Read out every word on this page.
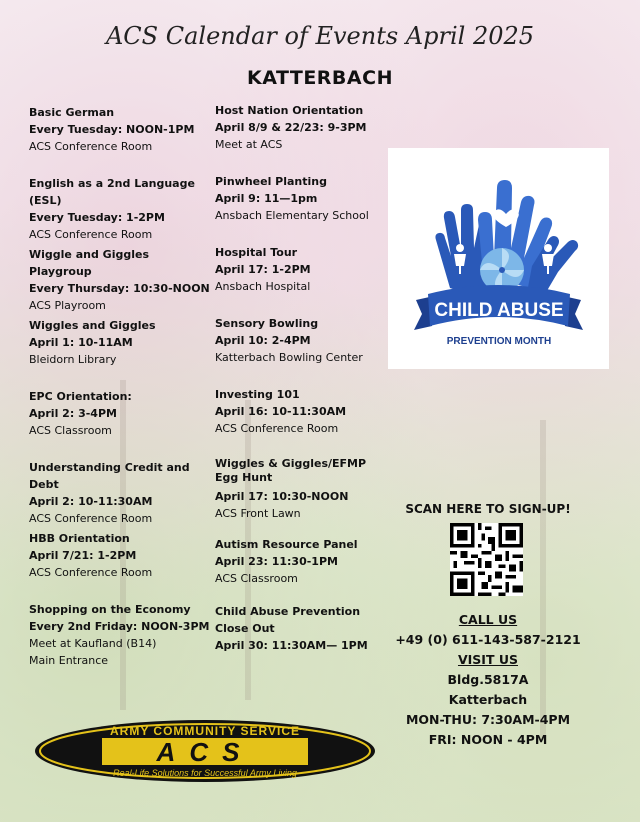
ACS Calendar of Events April 2025
KATTERBACH
Basic German
Every Tuesday: NOON-1PM
ACS Conference Room
English as a 2nd Language (ESL)
Every Tuesday: 1-2PM
ACS Conference Room
Wiggle and Giggles Playgroup
Every Thursday: 10:30-NOON
ACS Playroom
Wiggles and Giggles
April 1: 10-11AM
Bleidorn Library
EPC Orientation:
April 2: 3-4PM
ACS Classroom
Understanding Credit and Debt
April 2: 10-11:30AM
ACS Conference Room
HBB Orientation
April 7/21: 1-2PM
ACS Conference Room
Shopping on the Economy
Every 2nd Friday: NOON-3PM
Meet at Kaufland (B14)
Main Entrance
Host Nation Orientation
April 8/9 & 22/23: 9-3PM
Meet at ACS
Pinwheel Planting
April 9: 11—1pm
Ansbach Elementary School
Hospital Tour
April 17: 1-2PM
Ansbach Hospital
Sensory Bowling
April 10: 2-4PM
Katterbach Bowling Center
Investing 101
April 16: 10-11:30AM
ACS Conference Room
Wiggles & Giggles/EFMP Egg Hunt
April 17: 10:30-NOON
ACS Front Lawn
Autism Resource Panel
April 23: 11:30-1PM
ACS Classroom
Child Abuse Prevention Close Out
April 30: 11:30AM— 1PM
CHILD ABUSE
PREVENTION MONTH
SCAN HERE TO SIGN-UP!
CALL US
+49 (0) 611-143-587-2121
VISIT US
Bldg.5817A
Katterbach
MON-THU: 7:30AM-4PM
FRI: NOON - 4PM
ARMY COMMUNITY SERVICE
ACS
Real-Life Solutions for Successful Army Living
